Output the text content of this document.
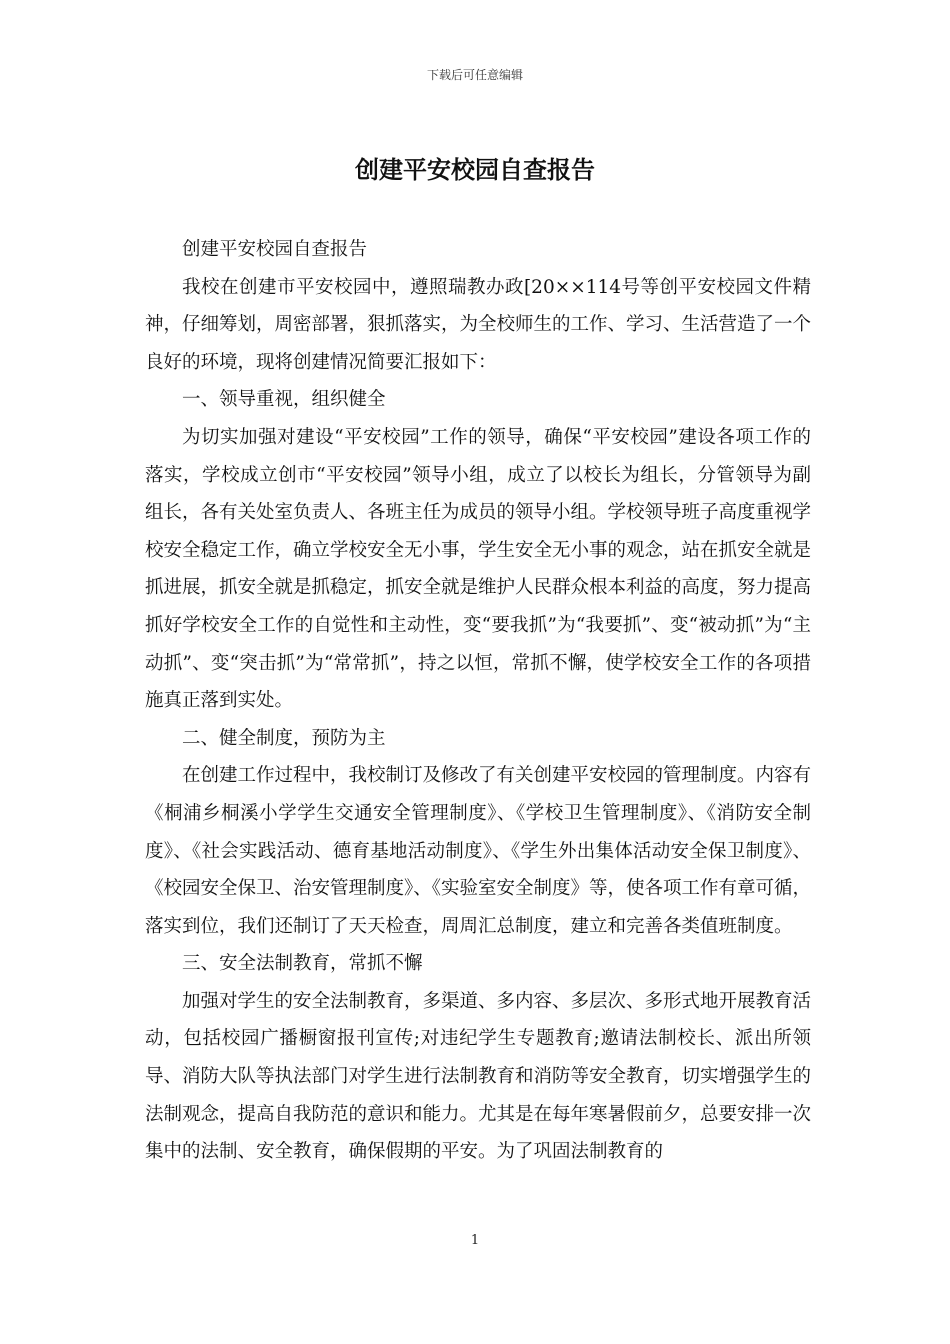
下载后可任意编辑
创建平安校园自查报告

创建平安校园自查报告

我校在创建市平安校园中，遵照瑞教办政[20××114号等创平安校园文件精神，仔细筹划，周密部署，狠抓落实，为全校师生的工作、学习、生活营造了一个良好的环境，现将创建情况简要汇报如下：

一、领导重视，组织健全

为切实加强对建设“平安校园”工作的领导，确保“平安校园”建设各项工作的落实，学校成立创市“平安校园”领导小组，成立了以校长为组长，分管领导为副组长，各有关处室负责人、各班主任为成员的领导小组。学校领导班子高度重视学校安全稳定工作，确立学校安全无小事，学生安全无小事的观念，站在抓安全就是抓进展，抓安全就是抓稳定，抓安全就是维护人民群众根本利益的高度，努力提高抓好学校安全工作的自觉性和主动性，变“要我抓”为“我要抓”、变“被动抓”为“主动抓”、变“突击抓”为“常常抓”，持之以恒，常抓不懈，使学校安全工作的各项措施真正落到实处。

二、健全制度，预防为主

在创建工作过程中，我校制订及修改了有关创建平安校园的管理制度。内容有《桐浦乡桐溪小学学生交通安全管理制度》、《学校卫生管理制度》、《消防安全制度》、《社会实践活动、德育基地活动制度》、《学生外出集体活动安全保卫制度》、《校园安全保卫、治安管理制度》、《实验室安全制度》等，使各项工作有章可循，落实到位，我们还制订了天天检查，周周汇总制度，建立和完善各类值班制度。

三、安全法制教育，常抓不懈

加强对学生的安全法制教育，多渠道、多内容、多层次、多形式地开展教育活动，包括校园广播橱窗报刊宣传;对违纪学生专题教育;邀请法制校长、派出所领导、消防大队等执法部门对学生进行法制教育和消防等安全教育，切实增强学生的法制观念，提高自我防范的意识和能力。尤其是在每年寒暑假前夕，总要安排一次集中的法制、安全教育，确保假期的平安。为了巩固法制教育的

1
